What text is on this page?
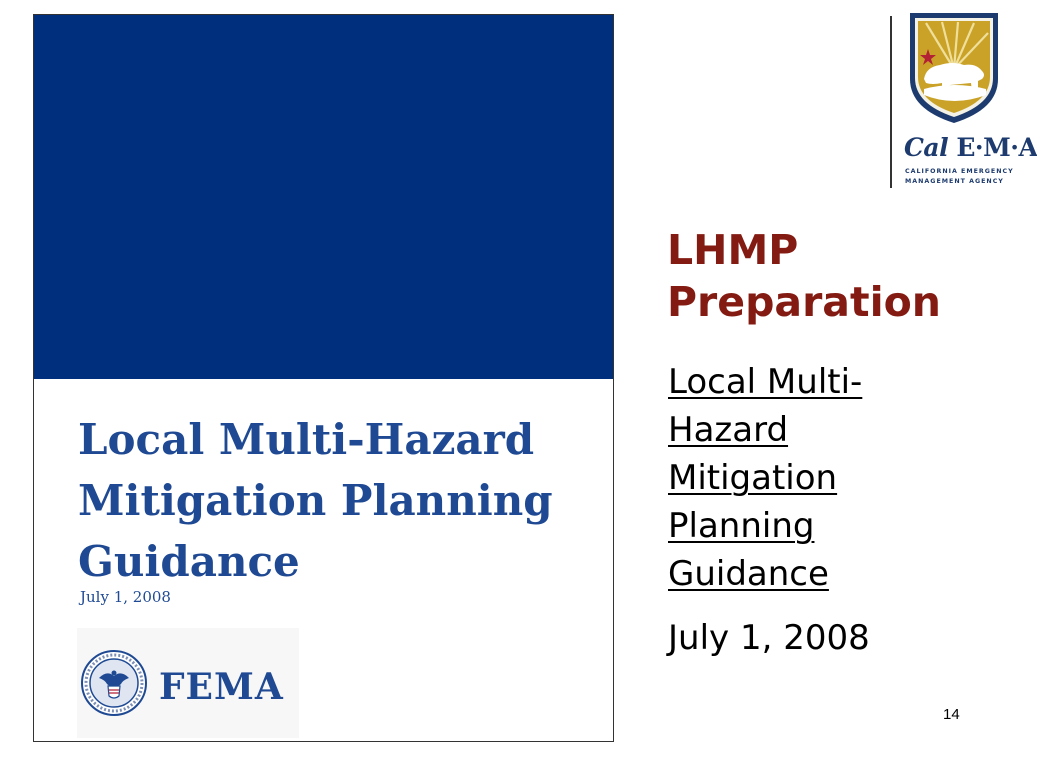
Local Multi-Hazard
Mitigation Planning
Guidance
July 1, 2008
FEMA
Cal E·M·A
CALIFORNIA EMERGENCY
MANAGEMENT AGENCY
LHMP
Preparation
Local Multi-
Hazard
Mitigation
Planning
Guidance
July 1, 2008
14
